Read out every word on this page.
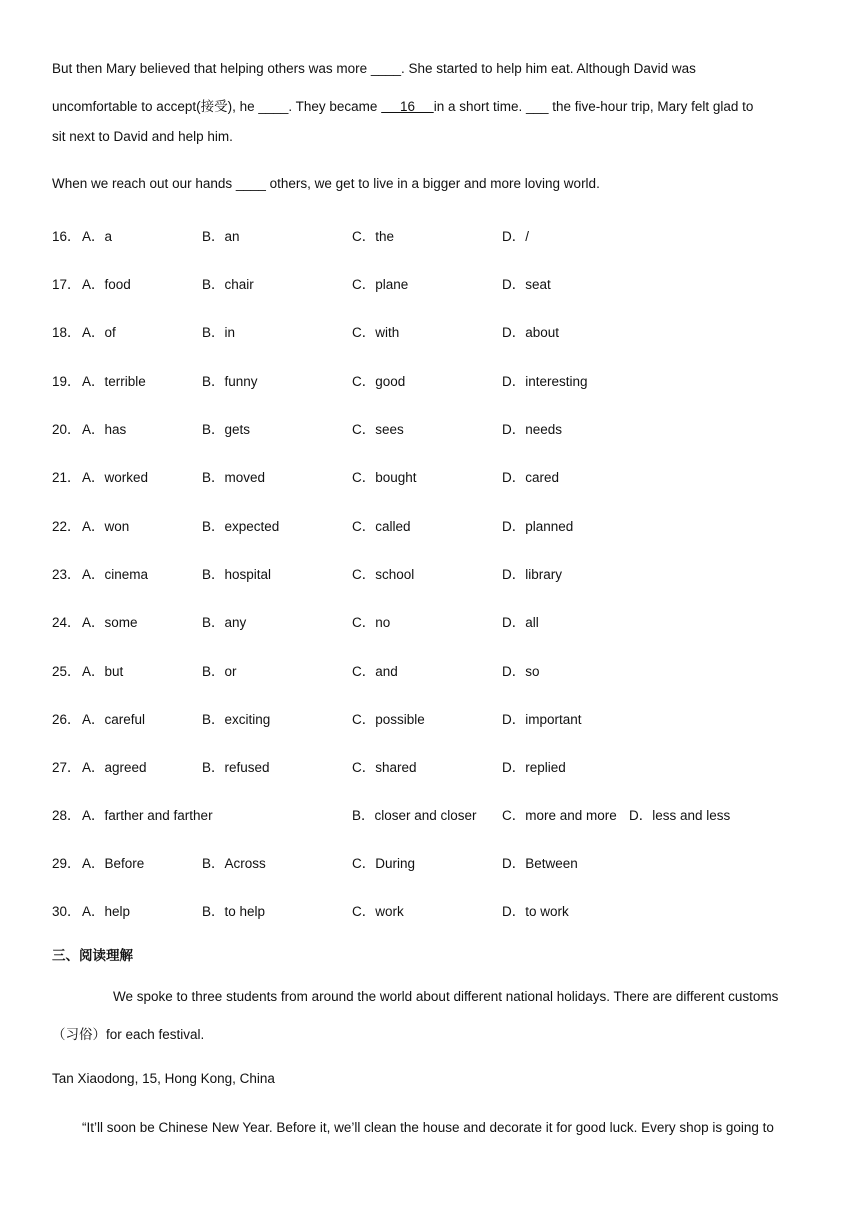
But then Mary believed that helping others was more ____. She started to help him eat. Although David was
uncomfortable to accept(接受), he ____. They became      16     in a short time. ___ the five-hour trip, Mary felt glad to
sit next to David and help him.
When we reach out our hands ____ others, we get to live in a bigger and more loving world.
16． A．a	B．an	C．the	D．/
17． A．food	B．chair	C．plane	D．seat
18． A．of	B．in	C．with	D．about
19． A．terrible	B．funny	C．good	D．interesting
20． A．has	B．gets	C．sees	D．needs
21． A．worked	B．moved	C．bought	D．cared
22． A．won	B．expected	C．called	D．planned
23． A．cinema	B．hospital	C．school	D．library
24． A．some	B．any	C．no	D．all
25． A．but	B．or	C．and	D．so
26． A．careful	B．exciting	C．possible	D．important
27． A．agreed	B．refused	C．shared	D．replied
28． A．farther and farther	B．closer and closer C．more and more D．less and less
29． A．Before	B．Across	C．During	D．Between
30． A．help	B．to help	C．work	D．to work
三、阅读理解
We spoke to three students from around the world about different national holidays. There are different customs
（习俗）for each festival.
Tan Xiaodong, 15, Hong Kong, China
“It’ll soon be Chinese New Year. Before it, we’ll clean the house and decorate it for good luck. Every shop is going to
